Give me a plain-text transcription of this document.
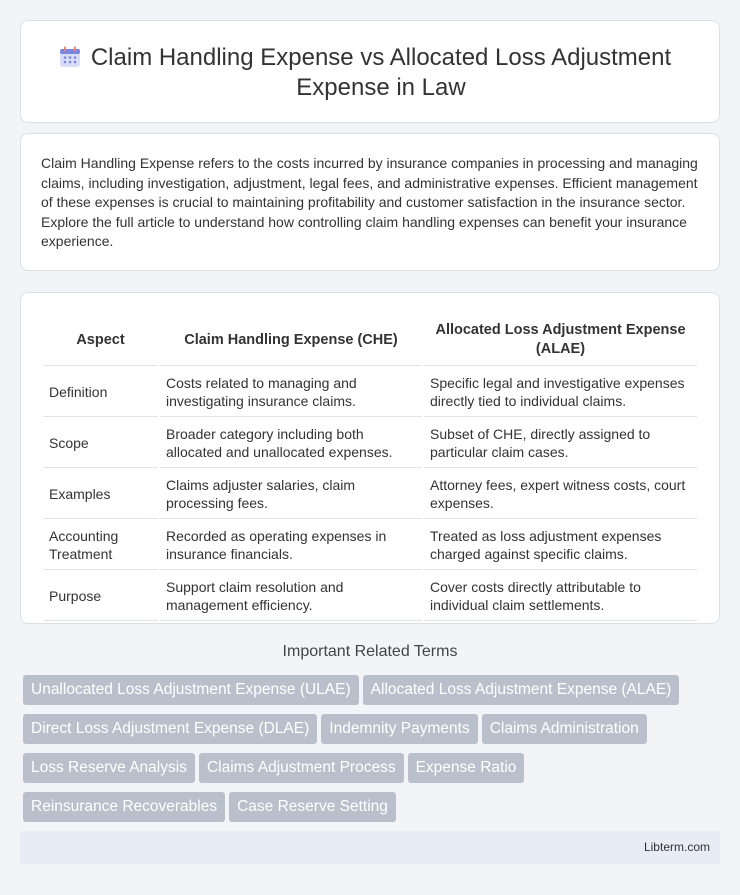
Claim Handling Expense vs Allocated Loss Adjustment Expense in Law

Claim Handling Expense refers to the costs incurred by insurance companies in processing and managing claims, including investigation, adjustment, legal fees, and administrative expenses. Efficient management of these expenses is crucial to maintaining profitability and customer satisfaction in the insurance sector. Explore the full article to understand how controlling claim handling expenses can benefit your insurance experience.

Aspect	Claim Handling Expense (CHE)	Allocated Loss Adjustment Expense (ALAE)
Definition	Costs related to managing and investigating insurance claims.	Specific legal and investigative expenses directly tied to individual claims.
Scope	Broader category including both allocated and unallocated expenses.	Subset of CHE, directly assigned to particular claim cases.
Examples	Claims adjuster salaries, claim processing fees.	Attorney fees, expert witness costs, court expenses.
Accounting Treatment	Recorded as operating expenses in insurance financials.	Treated as loss adjustment expenses charged against specific claims.
Purpose	Support claim resolution and management efficiency.	Cover costs directly attributable to individual claim settlements.
Important Related Terms
Unallocated Loss Adjustment Expense (ULAE) Allocated Loss Adjustment Expense (ALAE)Direct Loss Adjustment Expense (DLAE) Indemnity Payments Claims AdministrationLoss Reserve Analysis Claims Adjustment Process Expense RatioReinsurance Recoverables Case Reserve Setting
Libterm.com
